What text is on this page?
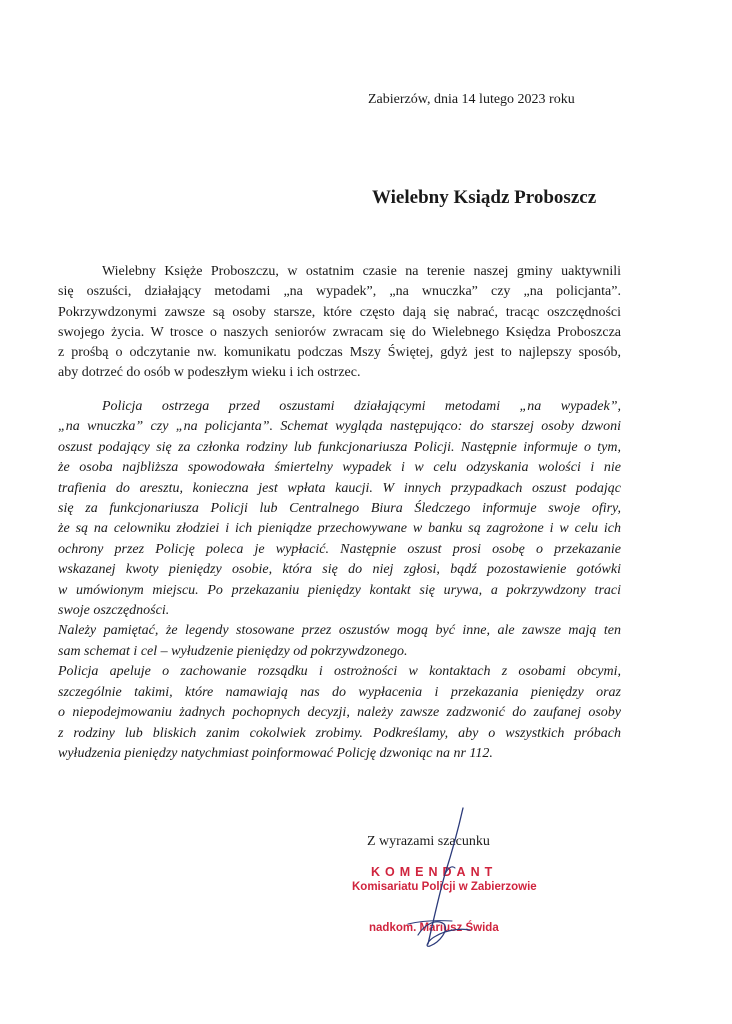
Zabierzów, dnia 14 lutego 2023 roku
Wielebny Ksiądz Proboszcz
Wielebny Księże Proboszczu, w ostatnim czasie na terenie naszej gminy uaktywnili
się oszuści, działający metodami „na wypadek”, „na wnuczka” czy „na policjanta”.
Pokrzywdzonymi zawsze są osoby starsze, które często dają się nabrać, tracąc oszczędności
swojego życia. W trosce o naszych seniorów zwracam się do Wielebnego Księdza Proboszcza
z prośbą o odczytanie nw. komunikatu podczas Mszy Świętej, gdyż jest to najlepszy sposób,
aby dotrzeć do osób w podeszłym wieku i ich ostrzec.
Policja ostrzega przed oszustami działającymi metodami „na wypadek”,
„na wnuczka” czy „na policjanta”. Schemat wygląda następująco: do starszej osoby dzwoni
oszust podający się za członka rodziny lub funkcjonariusza Policji. Następnie informuje o tym,
że osoba najbliższa spowodowała śmiertelny wypadek i w celu odzyskania wolości i nie
trafienia do aresztu, konieczna jest wpłata kaucji. W innych przypadkach oszust podając
się za funkcjonariusza Policji lub Centralnego Biura Śledczego informuje swoje ofiry,
że są na celowniku złodziei i ich pieniądze przechowywane w banku są zagrożone i w celu ich
ochrony przez Policję poleca je wypłacić. Następnie oszust prosi osobę o przekazanie
wskazanej kwoty pieniędzy osobie, która się do niej zgłosi, bądź pozostawienie gotówki
w umówionym miejscu. Po przekazaniu pieniędzy kontakt się urywa, a pokrzywdzony traci
swoje oszczędności.
Należy pamiętać, że legendy stosowane przez oszustów mogą być inne, ale zawsze mają ten
sam schemat i cel – wyłudzenie pieniędzy od pokrzywdzonego.
Policja apeluje o zachowanie rozsądku i ostrożności w kontaktach z osobami obcymi,
szczególnie takimi, które namawiają nas do wypłacenia i przekazania pieniędzy oraz
o niepodejmowaniu żadnych pochopnych decyzji, należy zawsze zadzwonić do zaufanej osoby
z rodziny lub bliskich zanim cokolwiek zrobimy. Podkreślamy, aby o wszystkich próbach
wyłudzenia pieniędzy natychmiast poinformować Policję dzwoniąc na nr 112.
Z wyrazami szacunku
KOMENDANT
Komisariatu Policji w Zabierzowie
nadkom. Mariusz Świda
